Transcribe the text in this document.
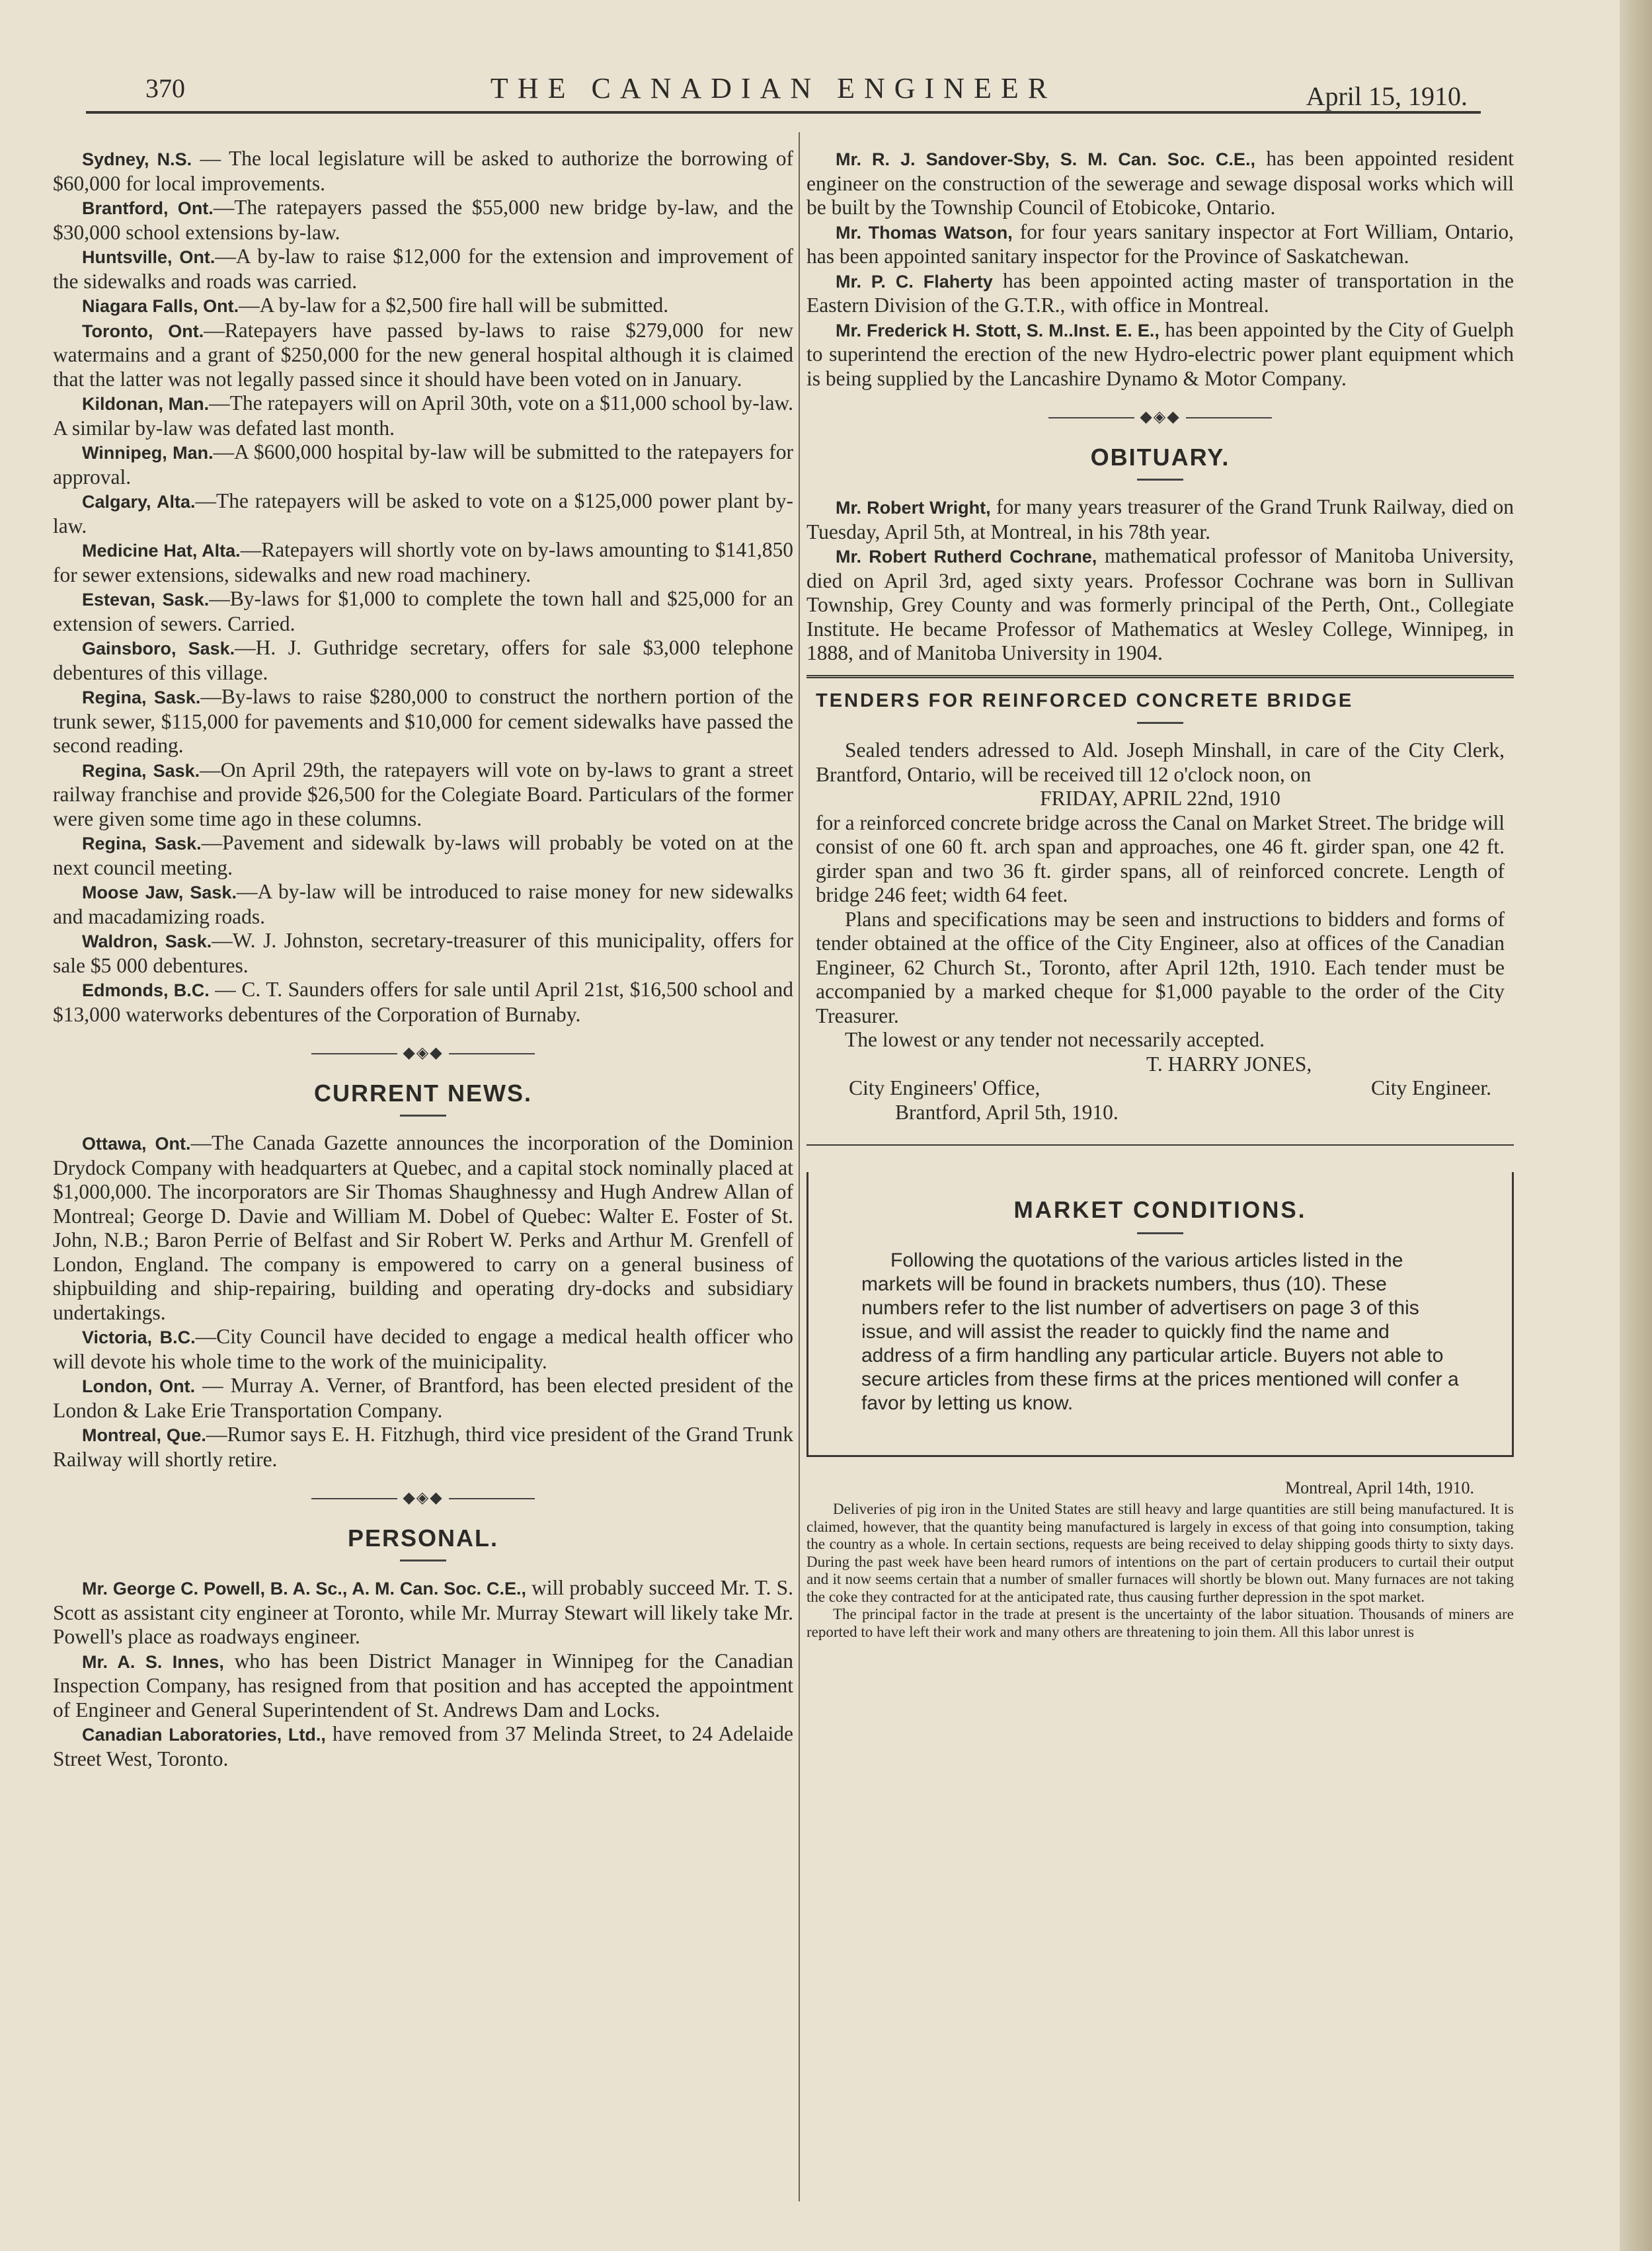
370	THE CANADIAN ENGINEER	April 15, 1910.

Sydney, N.S. — The local legislature will be asked to authorize the borrowing of $60,000 for local improvements.

Brantford, Ont.—The ratepayers passed the $55,000 new bridge by-law, and the $30,000 school extensions by-law.

Huntsville, Ont.—A by-law to raise $12,000 for the extension and improvement of the sidewalks and roads was carried.

Niagara Falls, Ont.—A by-law for a $2,500 fire hall will be submitted.

Toronto, Ont.—Ratepayers have passed by-laws to raise $279,000 for new watermains and a grant of $250,000 for the new general hospital although it is claimed that the latter was not legally passed since it should have been voted on in January.

Kildonan, Man.—The ratepayers will on April 30th, vote on a $11,000 school by-law. A similar by-law was defated last month.

Winnipeg, Man.—A $600,000 hospital by-law will be submitted to the ratepayers for approval.

Calgary, Alta.—The ratepayers will be asked to vote on a $125,000 power plant by-law.

Medicine Hat, Alta.—Ratepayers will shortly vote on by-laws amounting to $141,850 for sewer extensions, sidewalks and new road machinery.

Estevan, Sask.—By-laws for $1,000 to complete the town hall and $25,000 for an extension of sewers. Carried.

Gainsboro, Sask.—H. J. Guthridge secretary, offers for sale $3,000 telephone debentures of this village.

Regina, Sask.—By-laws to raise $280,000 to construct the northern portion of the trunk sewer, $115,000 for pavements and $10,000 for cement sidewalks have passed the second reading.

Regina, Sask.—On April 29th, the ratepayers will vote on by-laws to grant a street railway franchise and provide $26,500 for the Colegiate Board. Particulars of the former were given some time ago in these columns.

Regina, Sask.—Pavement and sidewalk by-laws will probably be voted on at the next council meeting.

Moose Jaw, Sask.—A by-law will be introduced to raise money for new sidewalks and macadamizing roads.

Waldron, Sask.—W. J. Johnston, secretary-treasurer of this municipality, offers for sale $5 000 debentures.

Edmonds, B.C. — C. T. Saunders offers for sale until April 21st, $16,500 school and $13,000 waterworks debentures of the Corporation of Burnaby.

◆◈◆
CURRENT NEWS.

Ottawa, Ont.—The Canada Gazette announces the incorporation of the Dominion Drydock Company with headquarters at Quebec, and a capital stock nominally placed at $1,000,000. The incorporators are Sir Thomas Shaughnessy and Hugh Andrew Allan of Montreal; George D. Davie and William M. Dobel of Quebec: Walter E. Foster of St. John, N.B.; Baron Perrie of Belfast and Sir Robert W. Perks and Arthur M. Grenfell of London, England. The company is empowered to carry on a general business of shipbuilding and ship-repairing, building and operating dry-docks and subsidiary undertakings.

Victoria, B.C.—City Council have decided to engage a medical health officer who will devote his whole time to the work of the muinicipality.

London, Ont. — Murray A. Verner, of Brantford, has been elected president of the London & Lake Erie Transportation Company.

Montreal, Que.—Rumor says E. H. Fitzhugh, third vice president of the Grand Trunk Railway will shortly retire.

◆◈◆
PERSONAL.

Mr. George C. Powell, B. A. Sc., A. M. Can. Soc. C.E., will probably succeed Mr. T. S. Scott as assistant city engineer at Toronto, while Mr. Murray Stewart will likely take Mr. Powell's place as roadways engineer.

Mr. A. S. Innes, who has been District Manager in Winnipeg for the Canadian Inspection Company, has resigned from that position and has accepted the appointment of Engineer and General Superintendent of St. Andrews Dam and Locks.

Canadian Laboratories, Ltd., have removed from 37 Melinda Street, to 24 Adelaide Street West, Toronto.

Mr. R. J. Sandover-Sby, S. M. Can. Soc. C.E., has been appointed resident engineer on the construction of the sewerage and sewage disposal works which will be built by the Township Council of Etobicoke, Ontario.

Mr. Thomas Watson, for four years sanitary inspector at Fort William, Ontario, has been appointed sanitary inspector for the Province of Saskatchewan.

Mr. P. C. Flaherty has been appointed acting master of transportation in the Eastern Division of the G.T.R., with office in Montreal.

Mr. Frederick H. Stott, S. M..Inst. E. E., has been appointed by the City of Guelph to superintend the erection of the new Hydro-electric power plant equipment which is being supplied by the Lancashire Dynamo & Motor Company.

◆◈◆
OBITUARY.

Mr. Robert Wright, for many years treasurer of the Grand Trunk Railway, died on Tuesday, April 5th, at Montreal, in his 78th year.

Mr. Robert Rutherd Cochrane, mathematical professor of Manitoba University, died on April 3rd, aged sixty years. Professor Cochrane was born in Sullivan Township, Grey County and was formerly principal of the Perth, Ont., Collegiate Institute. He became Professor of Mathematics at Wesley College, Winnipeg, in 1888, and of Manitoba University in 1904.

TENDERS FOR REINFORCED CONCRETE BRIDGE

Sealed tenders adressed to Ald. Joseph Minshall, in care of the City Clerk, Brantford, Ontario, will be received till 12 o'clock noon, on

FRIDAY, APRIL 22nd, 1910

for a reinforced concrete bridge across the Canal on Market Street. The bridge will consist of one 60 ft. arch span and approaches, one 46 ft. girder span, one 42 ft. girder span and two 36 ft. girder spans, all of reinforced concrete. Length of bridge 246 feet; width 64 feet.

Plans and specifications may be seen and instructions to bidders and forms of tender obtained at the office of the City Engineer, also at offices of the Canadian Engineer, 62 Church St., Toronto, after April 12th, 1910. Each tender must be accompanied by a marked cheque for $1,000 payable to the order of the City Treasurer.

The lowest or any tender not necessarily accepted.

T. HARRY JONES,

City Engineers' Office,	City Engineer.

Brantford, April 5th, 1910.

MARKET CONDITIONS.

Following the quotations of the various articles listed in the markets will be found in brackets numbers, thus (10). These numbers refer to the list number of advertisers on page 3 of this issue, and will assist the reader to quickly find the name and address of a firm handling any particular article. Buyers not able to secure articles from these firms at the prices mentioned will confer a favor by letting us know.

Montreal, April 14th, 1910.

Deliveries of pig iron in the United States are still heavy and large quantities are still being manufactured. It is claimed, however, that the quantity being manufactured is largely in excess of that going into consumption, taking the country as a whole. In certain sections, requests are being received to delay shipping goods thirty to sixty days. During the past week have been heard rumors of intentions on the part of certain producers to curtail their output and it now seems certain that a number of smaller furnaces will shortly be blown out. Many furnaces are not taking the coke they contracted for at the anticipated rate, thus causing further depression in the spot market.

The principal factor in the trade at present is the uncertainty of the labor situation. Thousands of miners are reported to have left their work and many others are threatening to join them. All this labor unrest is
